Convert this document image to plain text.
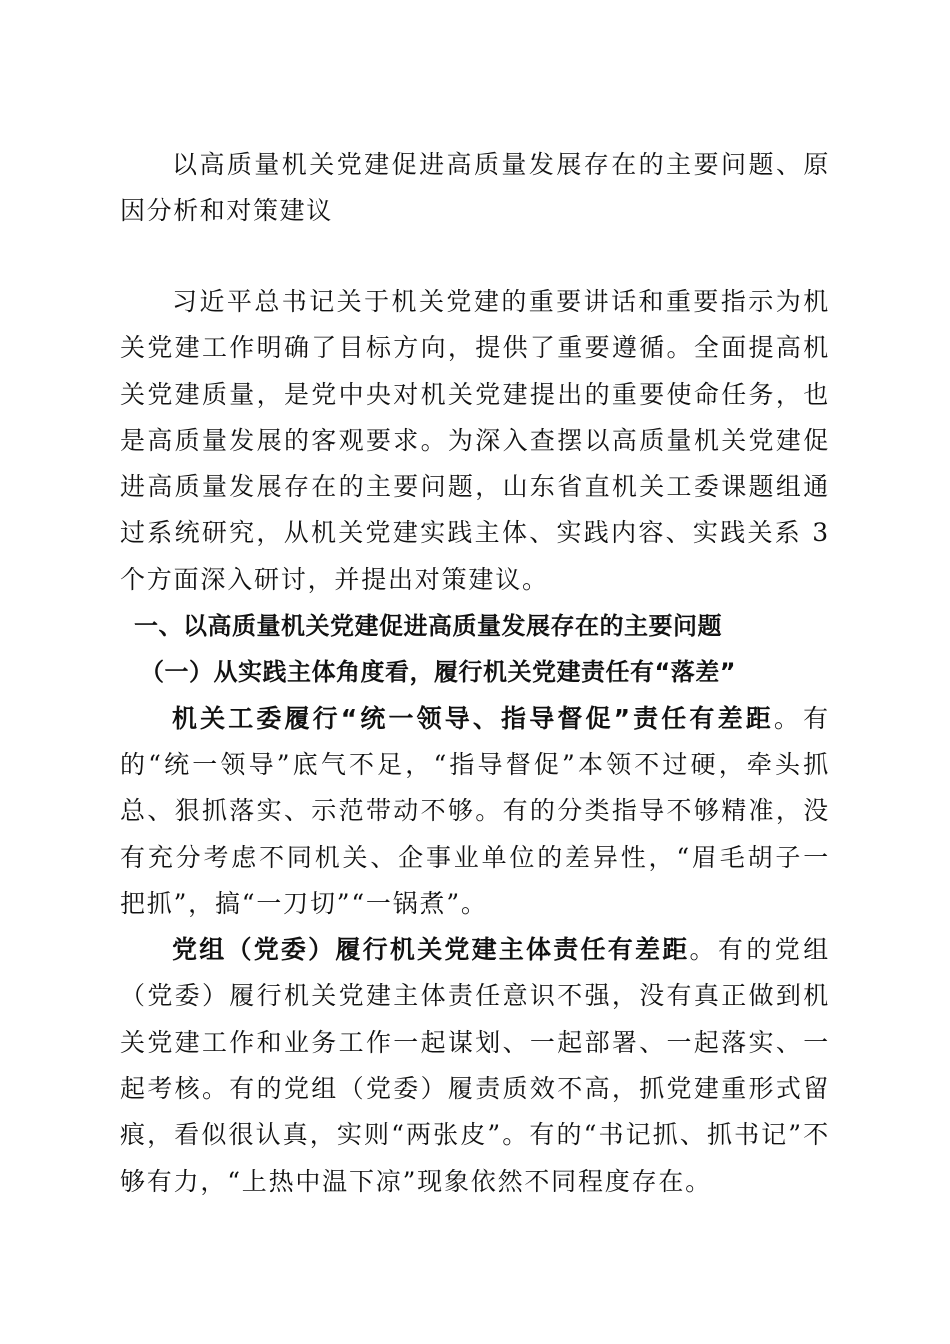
以高质量机关党建促进高质量发展存在的主要问题、原因分析和对策建议

习近平总书记关于机关党建的重要讲话和重要指示为机关党建工作明确了目标方向，提供了重要遵循。全面提高机关党建质量，是党中央对机关党建提出的重要使命任务，也是高质量发展的客观要求。为深入查摆以高质量机关党建促进高质量发展存在的主要问题，山东省直机关工委课题组通过系统研究，从机关党建实践主体、实践内容、实践关系 3 个方面深入研讨，并提出对策建议。

一、以高质量机关党建促进高质量发展存在的主要问题

（一）从实践主体角度看，履行机关党建责任有“落差”

机关工委履行“统一领导、指导督促”责任有差距。有的“统一领导”底气不足，“指导督促”本领不过硬，牵头抓总、狠抓落实、示范带动不够。有的分类指导不够精准，没有充分考虑不同机关、企事业单位的差异性，“眉毛胡子一把抓”，搞“一刀切”“一锅煮”。

党组（党委）履行机关党建主体责任有差距。有的党组（党委）履行机关党建主体责任意识不强，没有真正做到机关党建工作和业务工作一起谋划、一起部署、一起落实、一起考核。有的党组（党委）履责质效不高，抓党建重形式留痕，看似很认真，实则“两张皮”。有的“书记抓、抓书记”不够有力，“上热中温下凉”现象依然不同程度存在。
